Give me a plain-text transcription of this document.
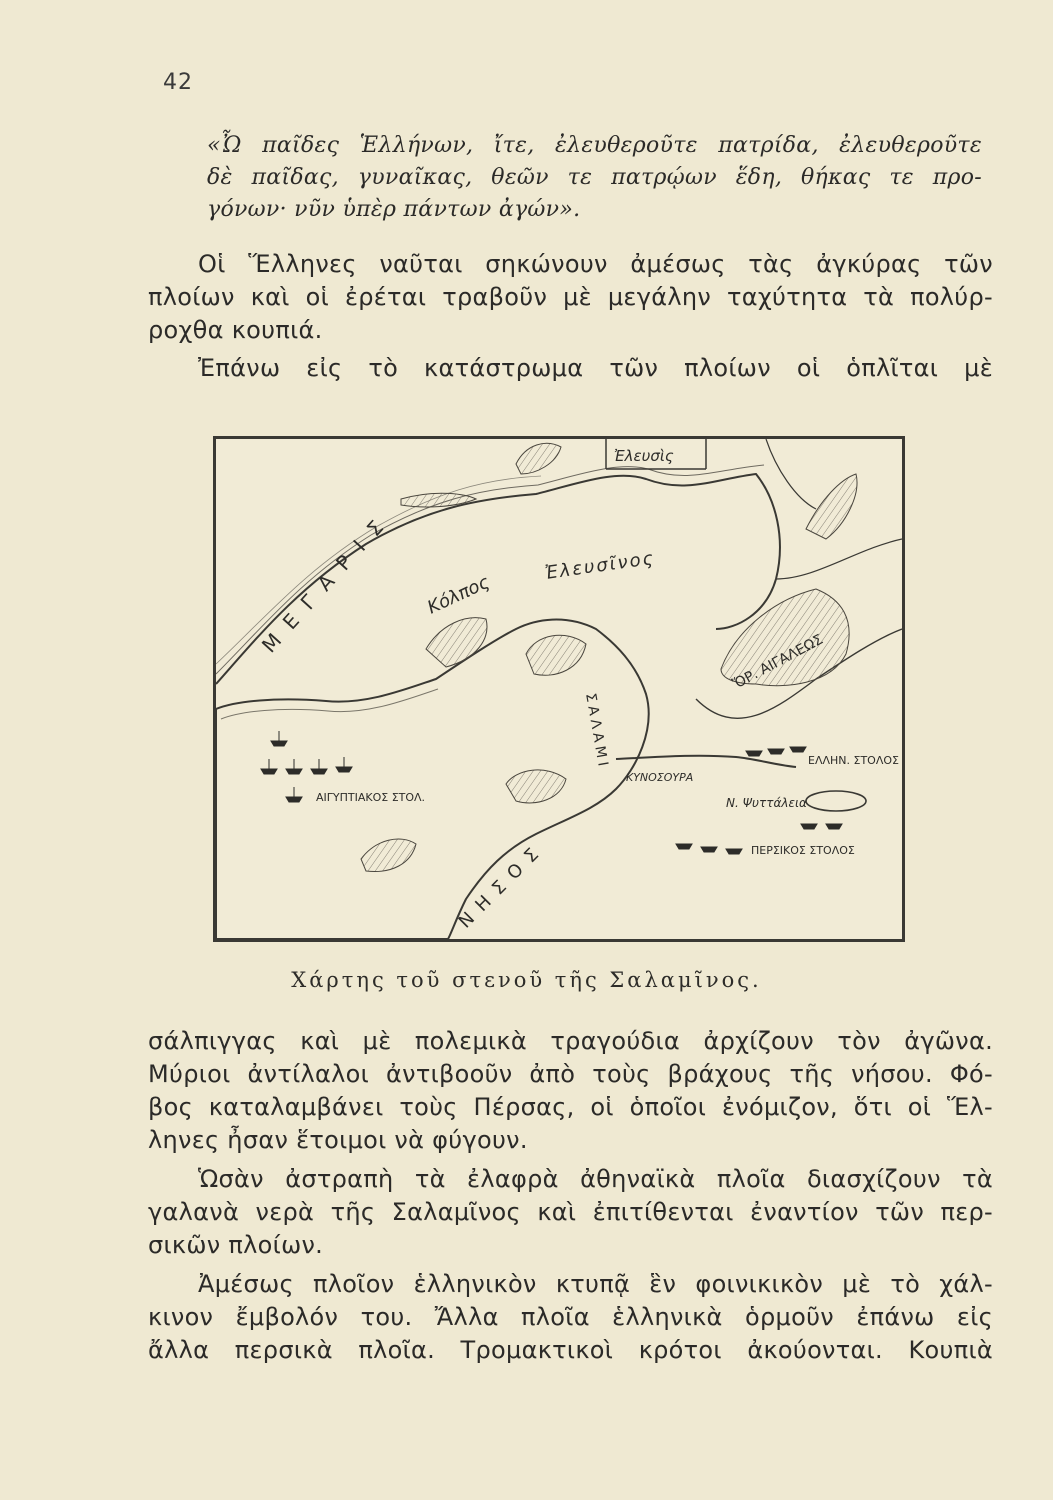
42
«Ὦ παῖδες Ἑλλήνων, ἴτε, ἐλευθεροῦτε πατρίδα, ἐλευθεροῦτε
δὲ παῖδας, γυναῖκας, θεῶν τε πατρῴων ἕδη, θήκας τε προ-
γόνων· νῦν ὑπὲρ πάντων ἀγών».
Οἱ Ἕλληνες ναῦται σηκώνουν ἀμέσως τὰς ἀγκύρας τῶν
πλοίων καὶ οἱ ἐρέται τραβοῦν μὲ μεγάλην ταχύτητα τὰ πολύρ-
ροχθα κουπιά.
Ἐπάνω εἰς τὸ κατάστρωμα τῶν πλοίων οἱ ὁπλῖται μὲ
Ἐλευσὶς
ΜΕΓΑΡΙΣ Κόλπος
Ἐλευσῖνος
ὌΡ. ΑΙΓΑΛΕΩΣ
ΕΛΛΗΝ. ΣΤΟΛΟΣ
ΚΥΝΟΣΟΥΡΑ
Ν. Ψυττάλεια
ΑΙΓΥΠΤΙΑΚΟΣ ΣΤΟΛ.
ΠΕΡΣΙΚΟΣ ΣΤΟΛΟΣ
ΝΗΣΟΣ
ΣΑΛΑΜΙ
Χάρτης τοῦ στενοῦ τῆς Σαλαμῖνος.
σάλπιγγας καὶ μὲ πολεμικὰ τραγούδια ἀρχίζουν τὸν ἀγῶνα.
Μύριοι ἀντίλαλοι ἀντιβοοῦν ἀπὸ τοὺς βράχους τῆς νήσου. Φό-
βος καταλαμβάνει τοὺς Πέρσας, οἱ ὁποῖοι ἐνόμιζον, ὅτι οἱ Ἕλ-
ληνες ἦσαν ἕτοιμοι νὰ φύγουν.
Ὡσὰν ἀστραπὴ τὰ ἐλαφρὰ ἀθηναϊκὰ πλοῖα διασχίζουν τὰ
γαλανὰ νερὰ τῆς Σαλαμῖνος καὶ ἐπιτίθενται ἐναντίον τῶν περ-
σικῶν πλοίων.
Ἀμέσως πλοῖον ἑλληνικὸν κτυπᾷ ἓν φοινικικὸν μὲ τὸ χάλ-
κινον ἔμβολόν του. Ἄλλα πλοῖα ἑλληνικὰ ὁρμοῦν ἐπάνω εἰς
ἄλλα περσικὰ πλοῖα. Τρομακτικοὶ κρότοι ἀκούονται. Κουπιὰ
